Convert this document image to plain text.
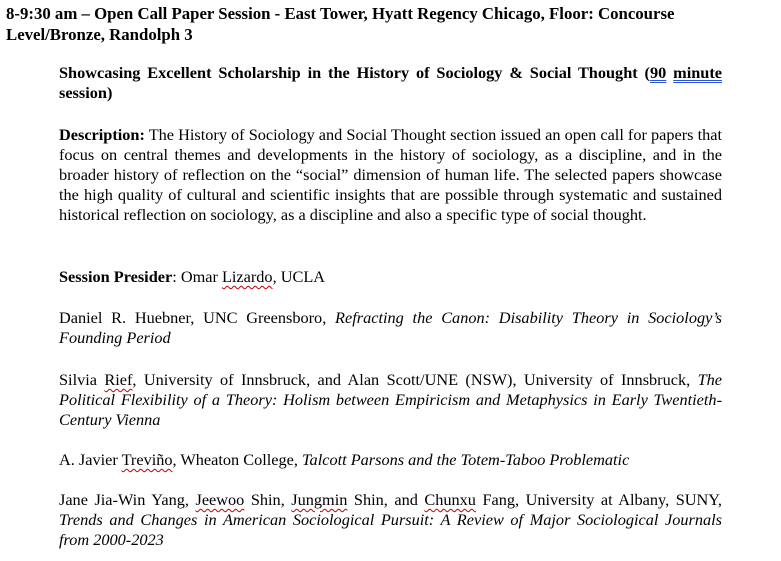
8-9:30 am – Open Call Paper Session - East Tower, Hyatt Regency Chicago, Floor: Concourse Level/Bronze, Randolph 3

Showcasing Excellent Scholarship in the History of Sociology & Social Thought (90 minute session)

Description: The History of Sociology and Social Thought section issued an open call for papers that focus on central themes and developments in the history of sociology, as a discipline, and in the broader history of reflection on the “social” dimension of human life. The selected papers showcase the high quality of cultural and scientific insights that are possible through systematic and sustained historical reflection on sociology, as a discipline and also a specific type of social thought.

Session Presider: Omar Lizardo, UCLA

Daniel R. Huebner, UNC Greensboro, Refracting the Canon: Disability Theory in Sociology’s Founding Period

Silvia Rief, University of Innsbruck, and Alan Scott/UNE (NSW), University of Innsbruck, The Political Flexibility of a Theory: Holism between Empiricism and Metaphysics in Early Twentieth-Century Vienna

A. Javier Treviño, Wheaton College, Talcott Parsons and the Totem-Taboo Problematic

Jane Jia-Win Yang, Jeewoo Shin, Jungmin Shin, and Chunxu Fang, University at Albany, SUNY, Trends and Changes in American Sociological Pursuit: A Review of Major Sociological Journals from 2000-2023
